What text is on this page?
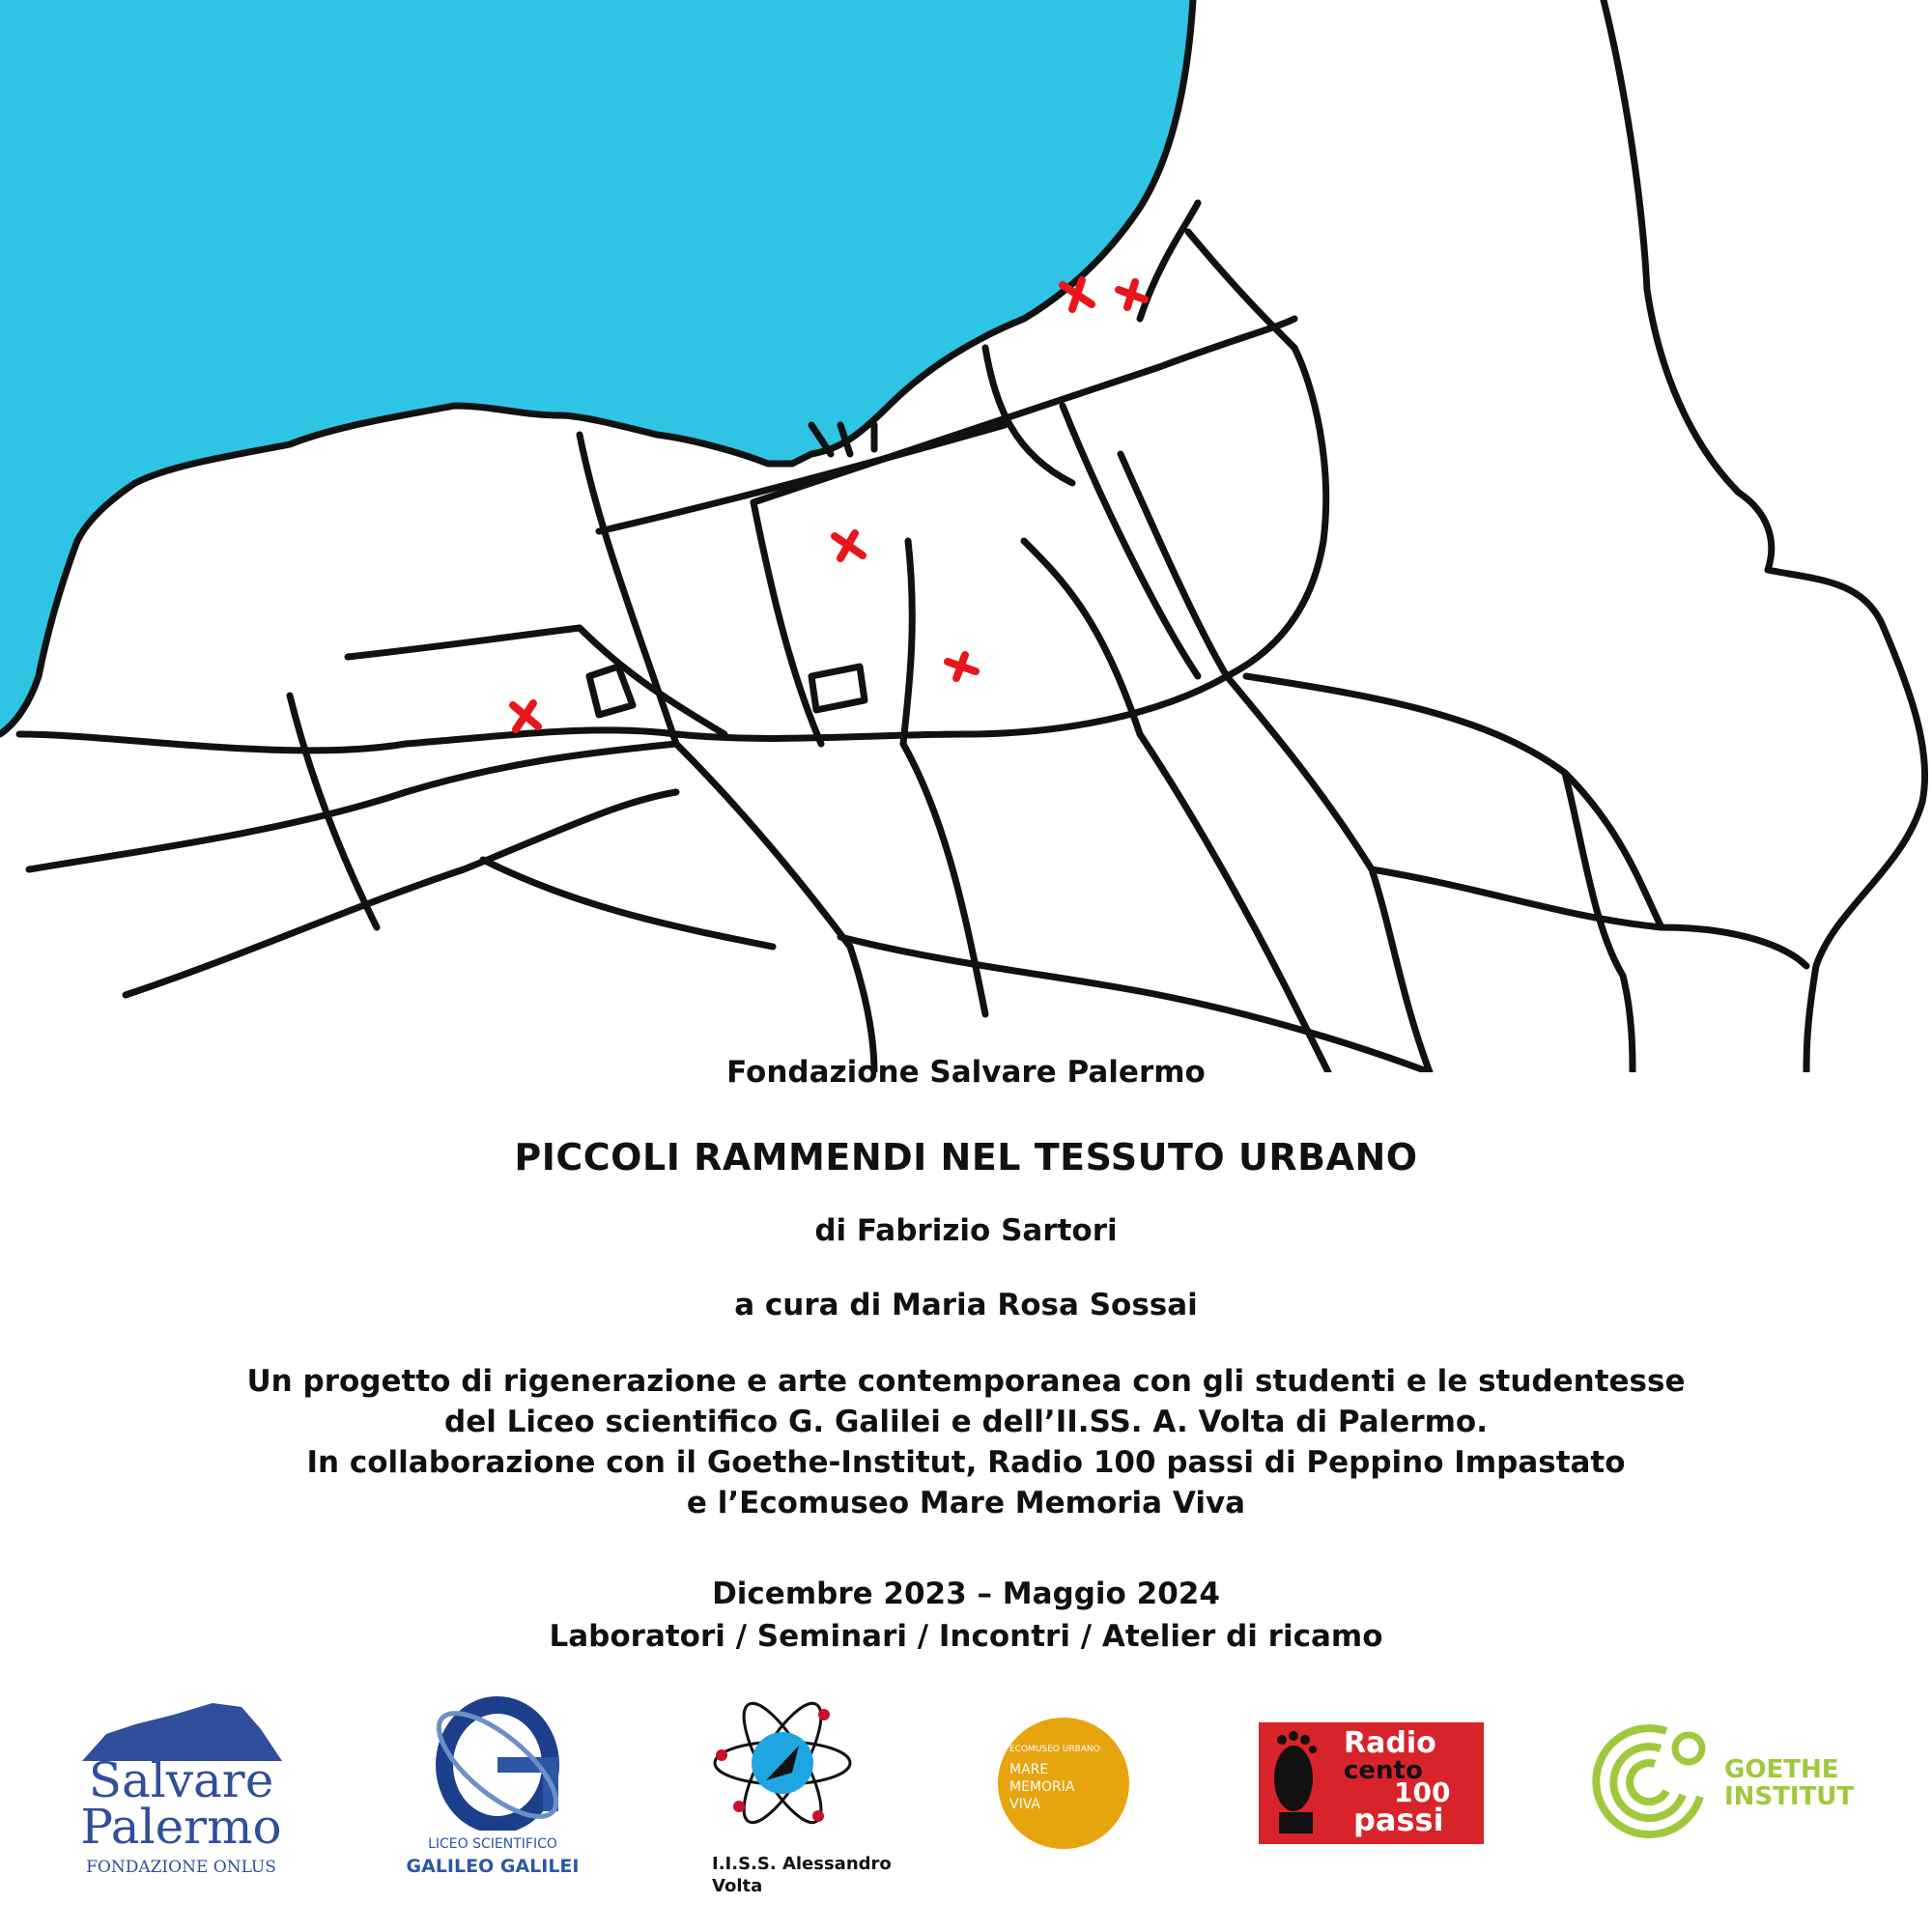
Fondazione Salvare Palermo

PICCOLI RAMMENDI NEL TESSUTO URBANO

di Fabrizio Sartori

a cura di Maria Rosa Sossai

Un progetto di rigenerazione e arte contemporanea con gli studenti e le studentesse
del Liceo scientifico G. Galilei e dell’II.SS. A. Volta di Palermo.
In collaborazione con il Goethe-Institut, Radio 100 passi di Peppino Impastato
e l’Ecomuseo Mare Memoria Viva

Dicembre 2023 – Maggio 2024
Laboratori / Seminari / Incontri / Atelier di ricamo

Salvare
Palermo
FONDAZIONE ONLUS
LICEO SCIENTIFICO
GALILEO GALILEI	I.I.S.S. Alessandro
Volta
ECOMUSEO URBANO
MARE
MEMORIA
VIVA
Radio
cento
100
passi
GOETHE
INSTITUT
